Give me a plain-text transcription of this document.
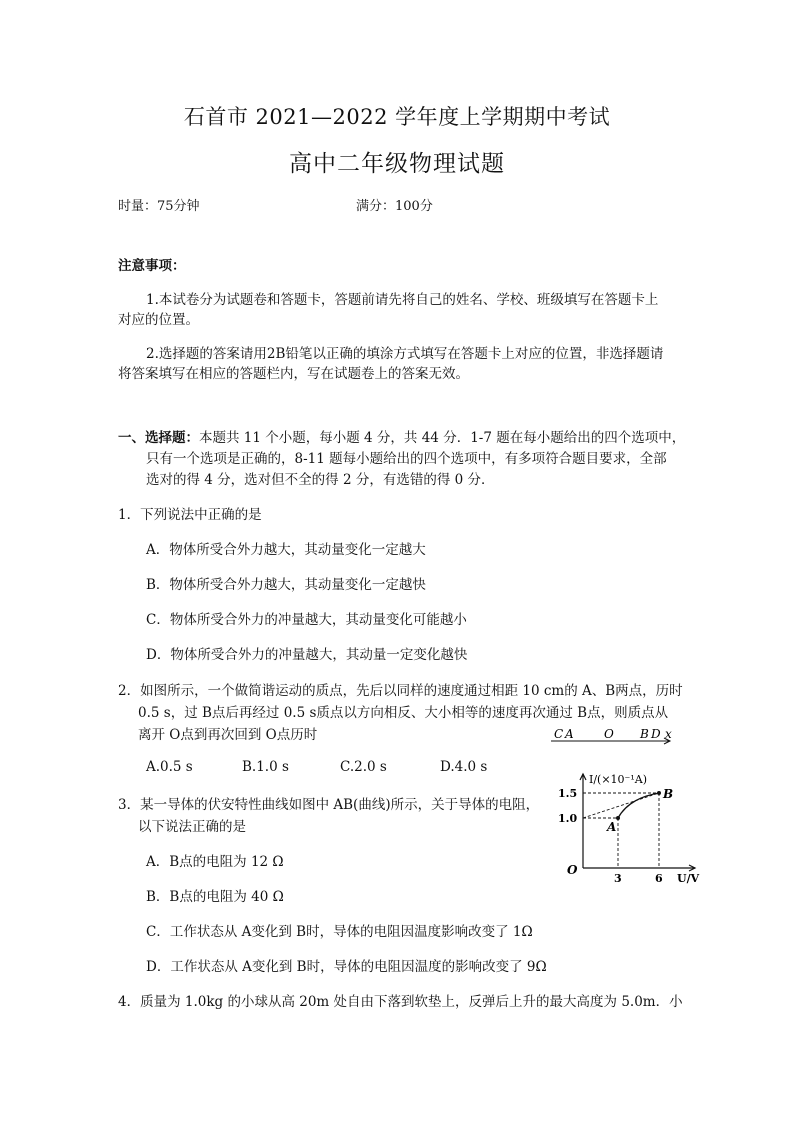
石首市 2021—2022 学年度上学期期中考试
高中二年级物理试题
时量：75分钟	满分：100分
注意事项：
1.本试卷分为试题卷和答题卡，答题前请先将自己的姓名、学校、班级填写在答题卡上
对应的位置。
2.选择题的答案请用2B铅笔以正确的填涂方式填写在答题卡上对应的位置，非选择题请
将答案填写在相应的答题栏内，写在试题卷上的答案无效。
一、选择题：本题共 11 个小题，每小题 4 分，共 44 分．1-7 题在每小题给出的四个选项中，
只有一个选项是正确的，8-11 题每小题给出的四个选项中，有多项符合题目要求，全部
选对的得 4 分，选对但不全的得 2 分，有选错的得 0 分．
1．下列说法中正确的是
A．物体所受合外力越大，其动量变化一定越大
B．物体所受合外力越大，其动量变化一定越快
C．物体所受合外力的冲量越大，其动量变化可能越小
D．物体所受合外力的冲量越大，其动量一定变化越快
2．如图所示，一个做简谐运动的质点，先后以同样的速度通过相距 10 cm的 A、B两点，历时
0.5 s，过 B点后再经过 0.5 s质点以方向相反、大小相等的速度再次通过 B点，则质点从
离开 O点到再次回到 O点历时	C A	O B D x
A.0.5 s	B.1.0 s	C.2.0 s	D.4.0 s
3．某一导体的伏安特性曲线如图中 AB(曲线)所示，关于导体的电阻，
以下说法正确的是
I/(×10⁻¹A)
U/V
O
1.5
1.0
3	6
A
B
A．B点的电阻为 12 Ω
B．B点的电阻为 40 Ω
C．工作状态从 A变化到 B时，导体的电阻因温度影响改变了 1Ω
D．工作状态从 A变化到 B时，导体的电阻因温度的影响改变了 9Ω
4．质量为 1.0kg 的小球从高 20m 处自由下落到软垫上，反弹后上升的最大高度为 5.0m．小
